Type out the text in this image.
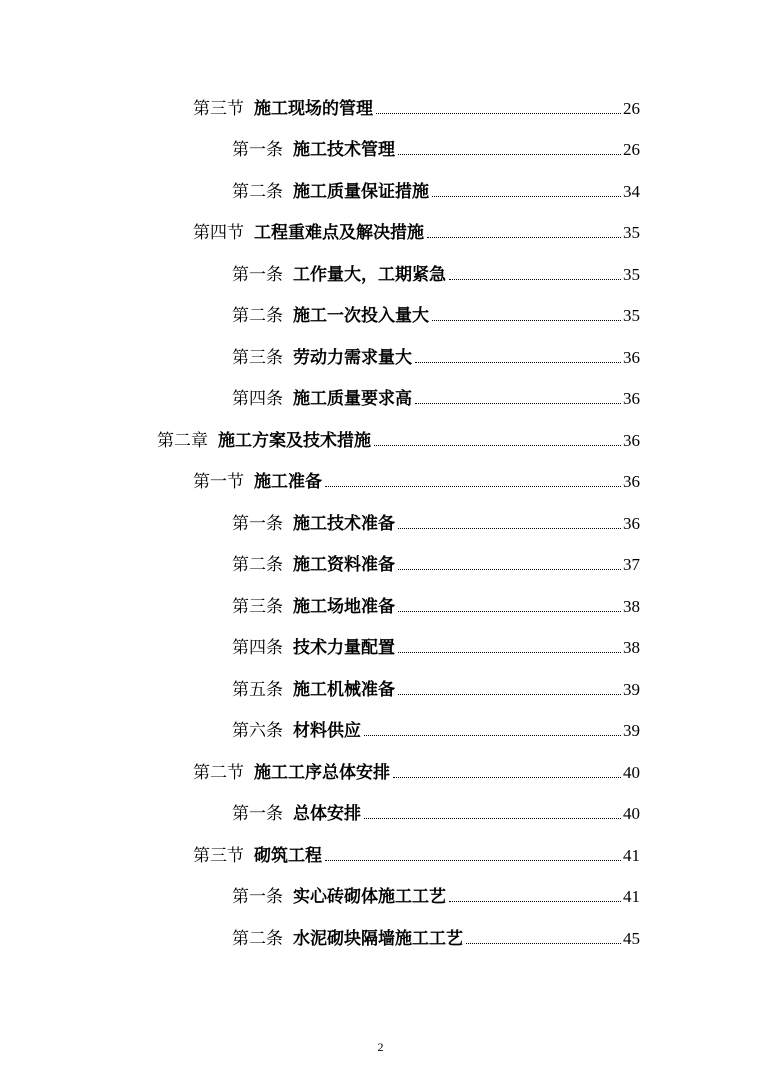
第三节 施工现场的管理	26
第一条 施工技术管理	26
第二条 施工质量保证措施	34
第四节 工程重难点及解决措施	35
第一条 工作量大，工期紧急	35
第二条 施工一次投入量大	35
第三条 劳动力需求量大	36
第四条 施工质量要求高	36
第二章 施工方案及技术措施	36
第一节 施工准备	36
第一条 施工技术准备	36
第二条 施工资料准备	37
第三条 施工场地准备	38
第四条 技术力量配置	38
第五条 施工机械准备	39
第六条 材料供应	39
第二节 施工工序总体安排	40
第一条 总体安排	40
第三节 砌筑工程	41
第一条 实心砖砌体施工工艺	41
第二条 水泥砌块隔墙施工工艺	45
2
